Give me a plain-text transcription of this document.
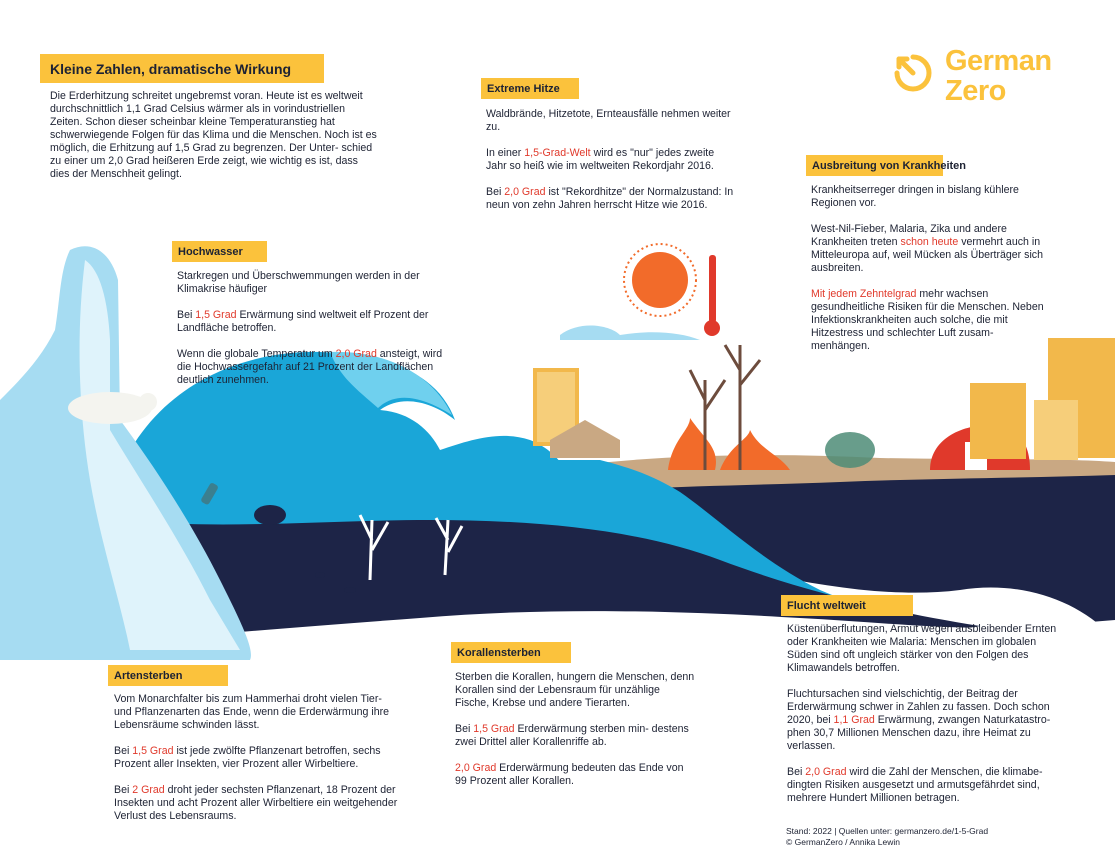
German
Zero
Kleine Zahlen, dramatische Wirkung

Die Erderhitzung schreitet ungebremst voran. Heute ist es weltweit durchschnittlich 1,1 Grad Celsius wärmer als in vorindustriellen Zeiten. Schon dieser scheinbar kleine Temperaturanstieg hat schwerwiegende Folgen für das Klima und die Menschen. Noch ist es möglich, die Erhitzung auf 1,5 Grad zu begrenzen. Der Unter- schied zu einer um 2,0 Grad heißeren Erde zeigt, wie wichtig es ist, dass dies der Menschheit gelingt.

Extreme Hitze

Waldbrände, Hitzetote, Ernteausfälle nehmen weiter zu.

In einer 1,5-Grad-Welt wird es "nur" jedes zweite Jahr so heiß wie im weltweiten Rekordjahr 2016.

Bei 2,0 Grad ist "Rekordhitze" der Normalzustand: In neun von zehn Jahren herrscht Hitze wie 2016.

Ausbreitung von Krankheiten

Krankheitserreger dringen in bislang kühlere Regionen vor.

West-Nil-Fieber, Malaria, Zika und andere Krankheiten treten schon heute vermehrt auch in Mitteleuropa auf, weil Mücken als Überträger sich ausbreiten.

Mit jedem Zehntelgrad mehr wachsen gesundheitliche Risiken für die Menschen. Neben Infektionskrankheiten auch solche, die mit Hitzestress und schlechter Luft zusam- menhängen.

Hochwasser

Starkregen und Überschwemmungen werden in der Klimakrise häufiger

Bei 1,5 Grad Erwärmung sind weltweit elf Prozent der Landfläche betroffen.

Wenn die globale Temperatur um 2,0 Grad ansteigt, wird die Hochwassergefahr auf 21 Prozent der Landflächen deutlich zunehmen.

Artensterben

Vom Monarchfalter bis zum Hammerhai droht vielen Tier- und Pflanzenarten das Ende, wenn die Erderwärmung ihre Lebensräume schwinden lässt.

Bei 1,5 Grad ist jede zwölfte Pflanzenart betroffen, sechs Prozent aller Insekten, vier Prozent aller Wirbeltiere.

Bei 2 Grad droht jeder sechsten Pflanzenart, 18 Prozent der Insekten und acht Prozent aller Wirbeltiere ein weitgehender Verlust des Lebensraums.

Korallensterben

Sterben die Korallen, hungern die Menschen, denn Korallen sind der Lebensraum für unzählige Fische, Krebse und andere Tierarten.

Bei 1,5 Grad Erderwärmung sterben min- destens zwei Drittel aller Korallenriffe ab.

2,0 Grad Erderwärmung bedeuten das Ende von 99 Prozent aller Korallen.

Flucht weltweit

Küstenüberflutungen, Armut wegen ausbleibender Ernten oder Krankheiten wie Malaria: Menschen im globalen Süden sind oft ungleich stärker von den Folgen des Klimawandels betroffen.

Fluchtursachen sind vielschichtig, der Beitrag der Erderwärmung schwer in Zahlen zu fassen. Doch schon 2020, bei 1,1 Grad Erwärmung, zwangen Naturkatastro- phen 30,7 Millionen Menschen dazu, ihre Heimat zu verlassen.

Bei 2,0 Grad wird die Zahl der Menschen, die klimabe- dingten Risiken ausgesetzt und armutsgefährdet sind, mehrere Hundert Millionen betragen.

Stand: 2022 | Quellen unter: germanzero.de/1-5-Grad
© GermanZero / Annika Lewin
